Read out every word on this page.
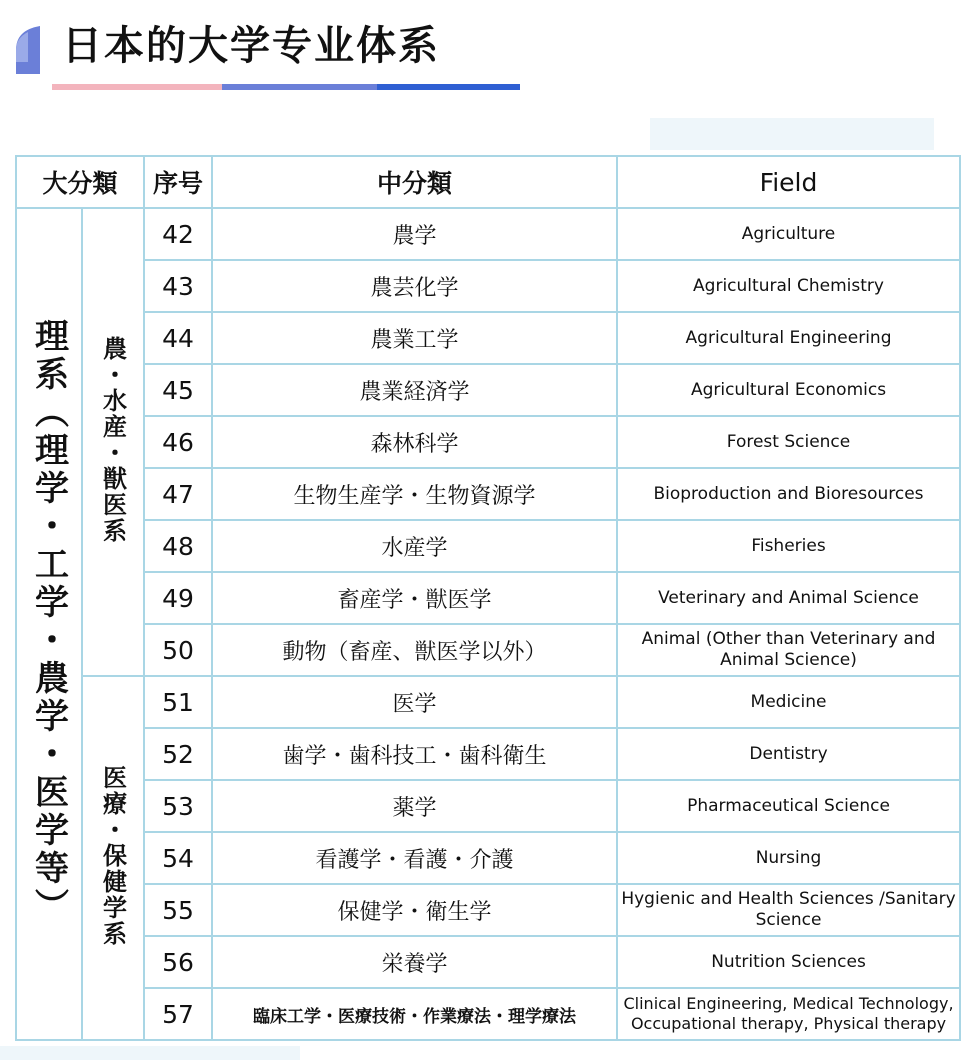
日本的大学专业体系
大分類		序号	中分類	Field
理系（理学・工学・農学・医学等）	農・水産・獣医系	42	農学	Agriculture
		43	農芸化学	Agricultural Chemistry
		44	農業工学	Agricultural Engineering
		45	農業経済学	Agricultural Economics
		46	森林科学	Forest Science
		47	生物生産学・生物資源学	Bioproduction and Bioresources
		48	水産学	Fisheries
		49	畜産学・獣医学	Veterinary and Animal Science
		50	動物（畜産、獣医学以外）	Animal (Other than Veterinary and Animal Science)
	医療・保健学系	51	医学	Medicine
		52	歯学・歯科技工・歯科衛生	Dentistry
		53	薬学	Pharmaceutical Science
		54	看護学・看護・介護	Nursing
		55	保健学・衛生学	Hygienic and Health Sciences /Sanitary Science
		56	栄養学	Nutrition Sciences
		57	臨床工学・医療技術・作業療法・理学療法	Clinical Engineering, Medical Technology, Occupational therapy, Physical therapy
